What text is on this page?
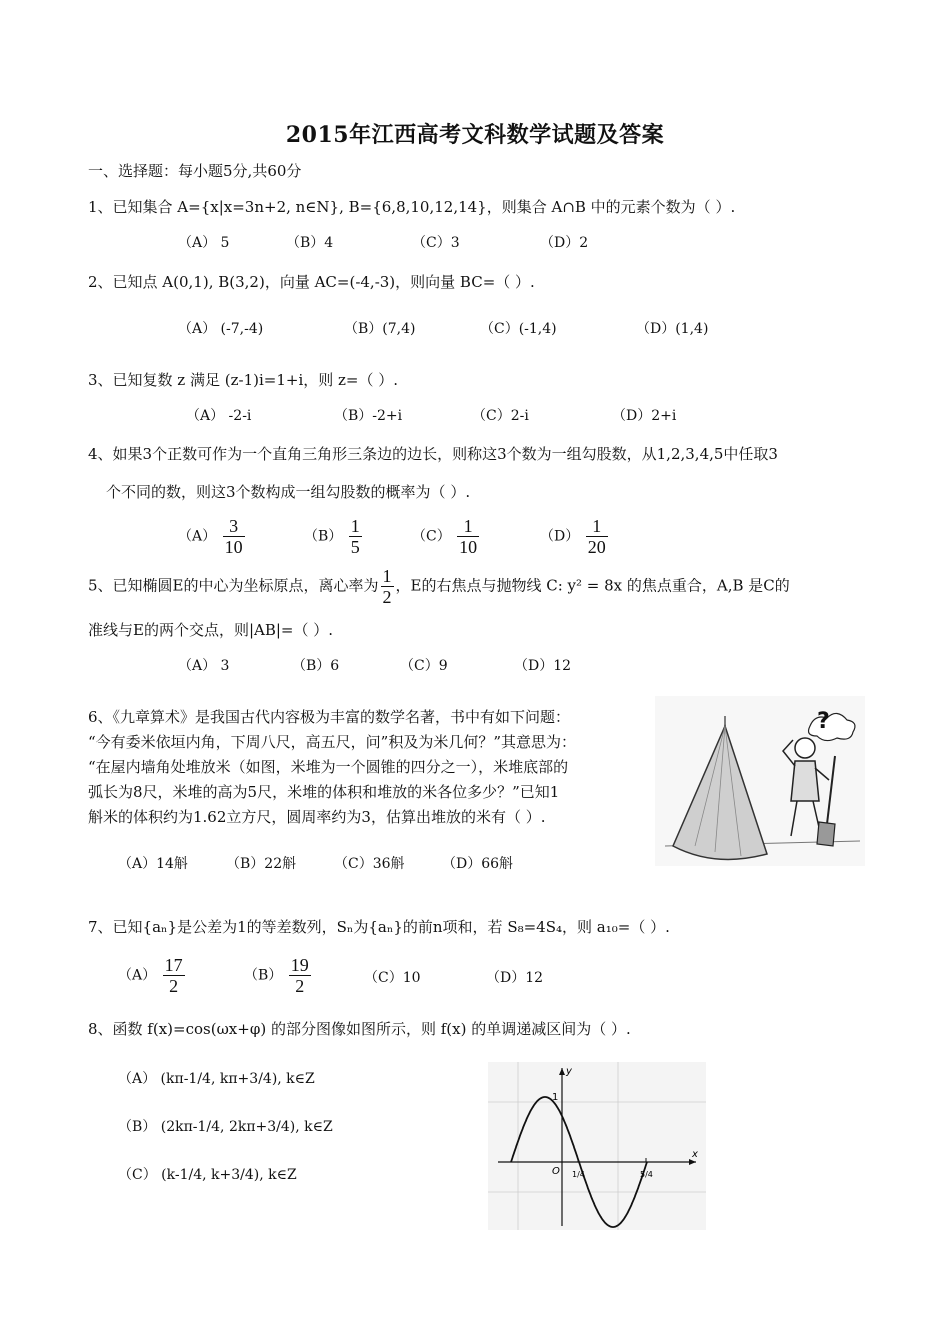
2015年江西高考文科数学试题及答案
一、选择题：每小题5分,共60分
1、已知集合 A={x|x=3n+2, n∈N}, B={6,8,10,12,14}，则集合 A∩B 中的元素个数为（ ）.
（A） 5	（B）4	（C）3	（D）2
2、已知点 A(0,1), B(3,2)，向量 AC=(-4,-3)，则向量 BC=（ ）.
（A） (-7,-4)	（B）(7,4)	（C）(-1,4)	（D）(1,4)
3、已知复数 z 满足 (z-1)i=1+i，则 z=（ ）.
（A） -2-i	（B）-2+i	（C）2-i	（D）2+i
4、如果3个正数可作为一个直角三角形三条边的边长，则称这3个数为一组勾股数，从1,2,3,4,5中任取3
个不同的数，则这3个数构成一组勾股数的概率为（ ）.
$(A) \frac{3}{10}$	$(B) \frac{1}{5}$	$(C) \frac{1}{10}$	$(D) \frac{1}{20}$
5、已知椭圆E的中心为坐标原点，离心率为 $\frac{1}{2}$ ，E的右焦点与抛物线 C: y² = 8x 的焦点重合，A,B 是C的
准线与E的两个交点，则|AB|=（ ）.
（A） 3	（B）6	（C）9	（D）12
6、《九章算术》是我国古代内容极为丰富的数学名著，书中有如下问题：
“今有委米依垣内角，下周八尺，高五尺，问”积及为米几何？”其意思为：
“在屋内墙角处堆放米（如图，米堆为一个圆锥的四分之一），米堆底部的
弧长为8尺，米堆的高为5尺，米堆的体积和堆放的米各位多少？”已知1
斛米的体积约为1.62立方尺，圆周率约为3，估算出堆放的米有（ ）.
（A）14斛	（B）22斛	（C）36斛	（D）66斛
?
7、已知{aₙ}是公差为1的等差数列，Sₙ为{aₙ}的前n项和，若 S₈=4S₄，则 a₁₀=（ ）.
$(A) \frac{17}{2}$	$(B) \frac{19}{2}$	（C）10	（D）12
8、函数 f(x)=cos(ωx+φ) 的部分图像如图所示，则 f(x) 的单调递减区间为（ ）.
（A） (kπ-1/4, kπ+3/4), k∈Z
（B） (2kπ-1/4, 2kπ+3/4), k∈Z
（C） (k-1/4, k+3/4), k∈Z
x
y
1
O 1/4	5/4
